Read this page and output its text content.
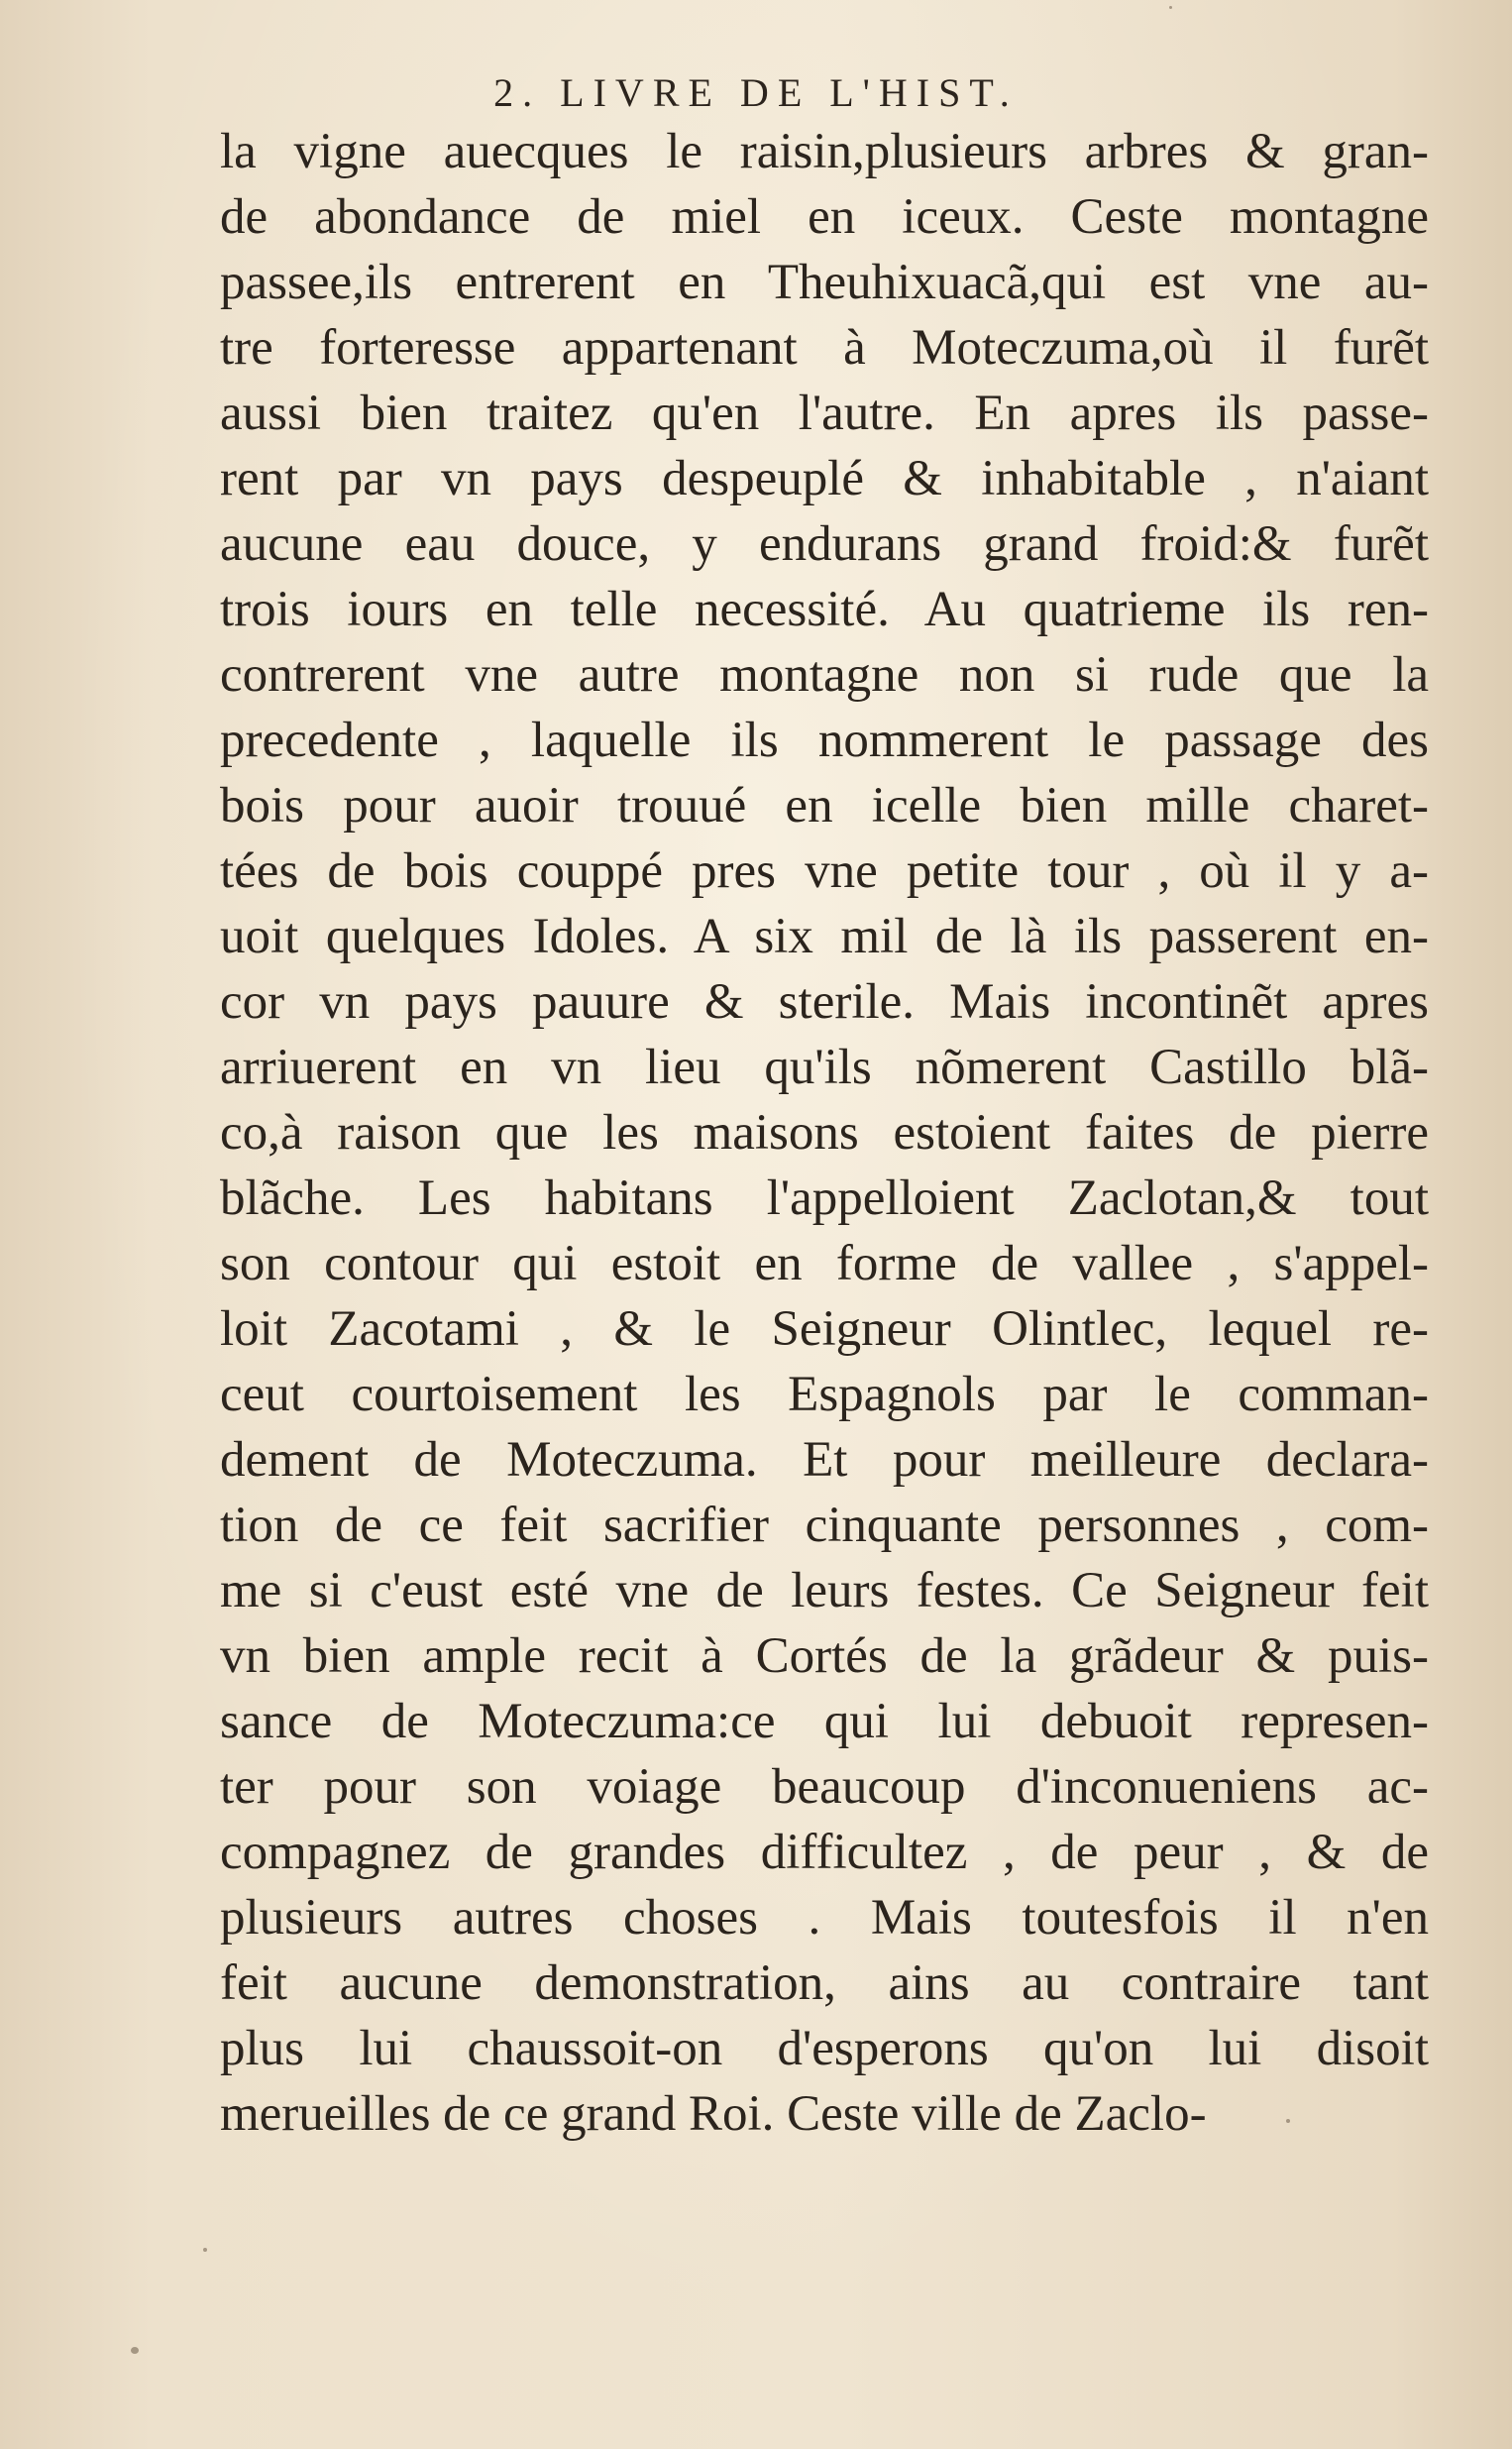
2. LIVRE DE L'HIST.
la vigne auecques le raisin,plusieurs arbres & gran-
de abondance de miel en iceux. Ceste montagne
passee,ils entrerent en Theuhixuacã,qui est vne au-
tre forteresse appartenant à Moteczuma,où il furẽt
aussi bien traitez qu'en l'autre. En apres ils passe-
rent par vn pays despeuplé & inhabitable , n'aiant
aucune eau douce, y endurans grand froid:& furẽt
trois iours en telle necessité. Au quatrieme ils ren-
contrerent vne autre montagne non si rude que la
precedente , laquelle ils nommerent le passage des
bois pour auoir trouué en icelle bien mille charet-
tées de bois couppé pres vne petite tour , où il y a-
uoit quelques Idoles. A six mil de là ils passerent en-
cor vn pays pauure & sterile. Mais incontinẽt apres
arriuerent en vn lieu qu'ils nõmerent Castillo blã-
co,à raison que les maisons estoient faites de pierre
blãche. Les habitans l'appelloient Zaclotan,& tout
son contour qui estoit en forme de vallee , s'appel-
loit Zacotami , & le Seigneur Olintlec, lequel re-
ceut courtoisement les Espagnols par le comman-
dement de Moteczuma. Et pour meilleure declara-
tion de ce feit sacrifier cinquante personnes , com-
me si c'eust esté vne de leurs festes. Ce Seigneur feit
vn bien ample recit à Cortés de la grãdeur & puis-
sance de Moteczuma:ce qui lui debuoit represen-
ter pour son voiage beaucoup d'inconueniens ac-
compagnez de grandes difficultez , de peur , & de
plusieurs autres choses . Mais toutesfois il n'en
feit aucune demonstration, ains au contraire tant
plus lui chaussoit-on d'esperons qu'on lui disoit
merueilles de ce grand Roi. Ceste ville de Zaclo-
